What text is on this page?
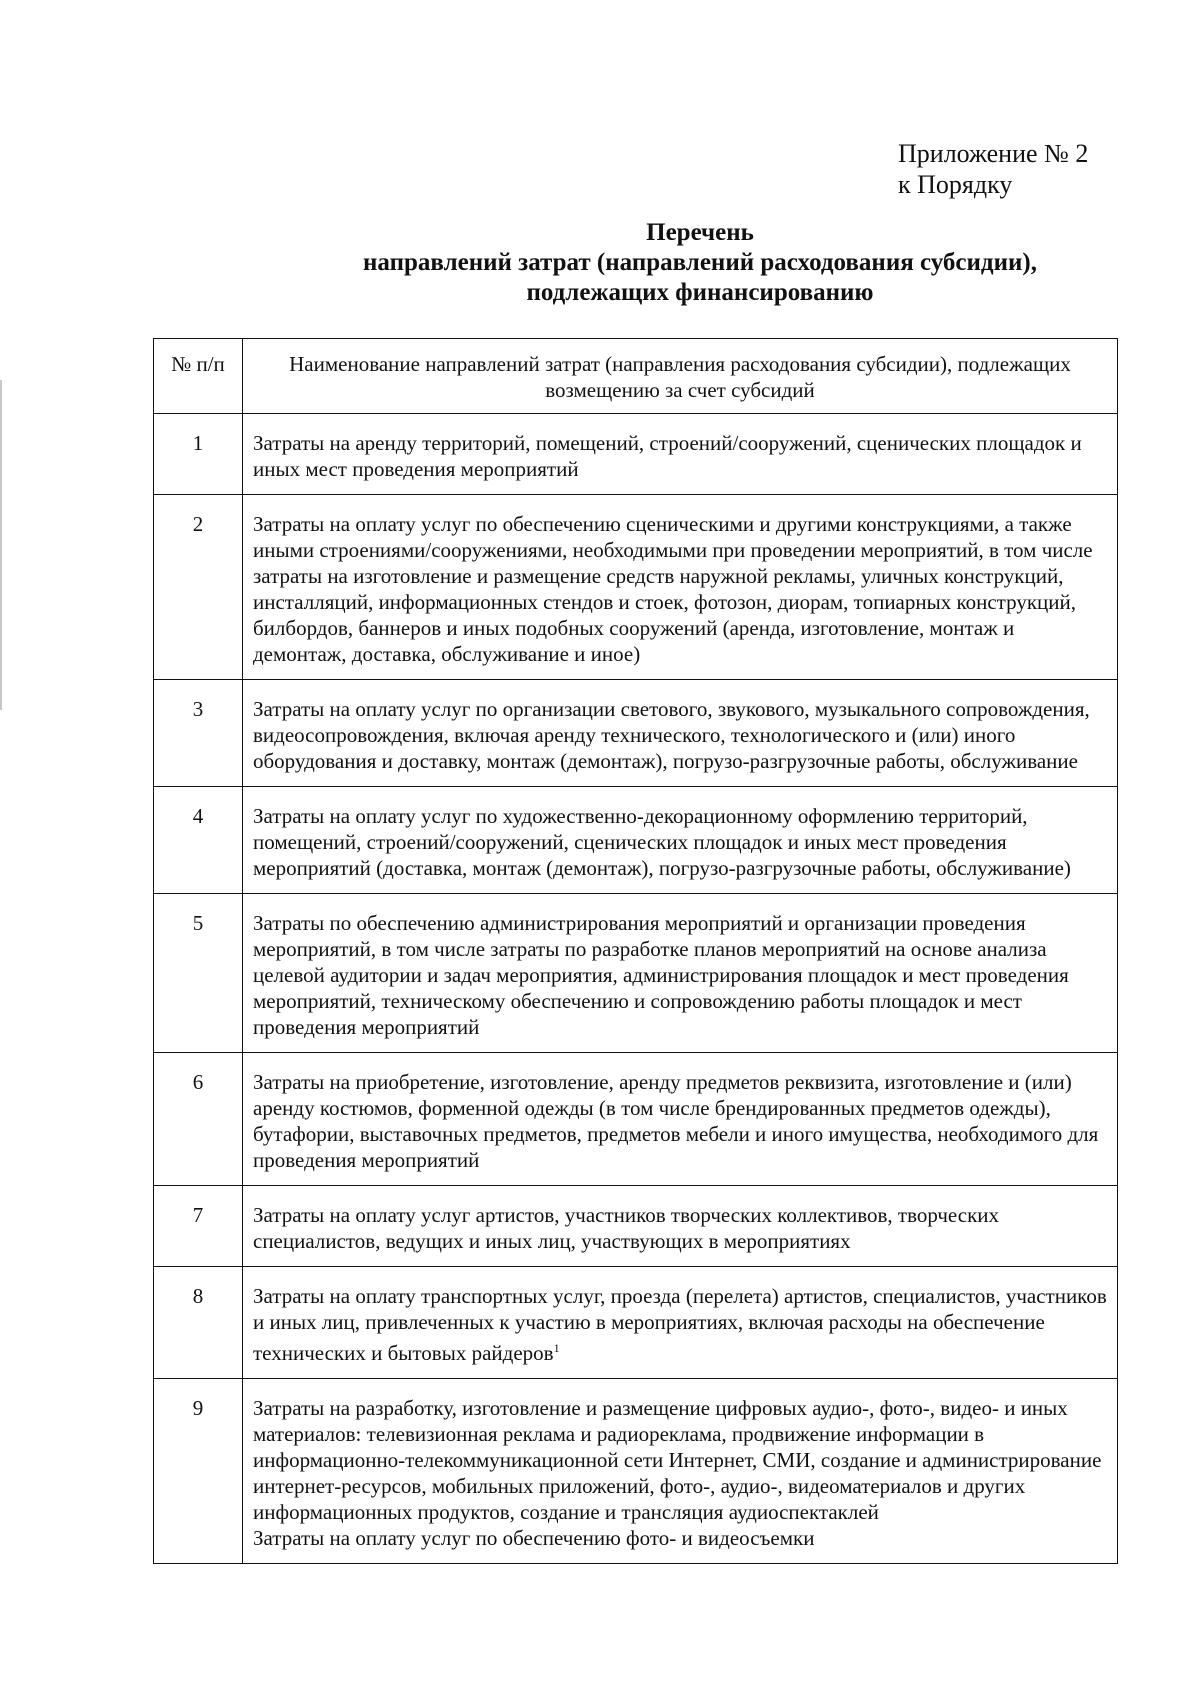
Приложение № 2
к Порядку
Перечень
направлений затрат (направлений расходования субсидии),
подлежащих финансированию
№ п/п	Наименование направлений затрат (направления расходования субсидии), подлежащих возмещению за счет субсидий
1	Затраты на аренду территорий, помещений, строений/сооружений, сценических площадок и иных мест проведения мероприятий
2	Затраты на оплату услуг по обеспечению сценическими и другими конструкциями, а также иными строениями/сооружениями, необходимыми при проведении мероприятий, в том числе затраты на изготовление и размещение средств наружной рекламы, уличных конструкций, инсталляций, информационных стендов и стоек, фотозон, диорам, топиарных конструкций, билбордов, баннеров и иных подобных сооружений (аренда, изготовление, монтаж и демонтаж, доставка, обслуживание и иное)
3	Затраты на оплату услуг по организации светового, звукового, музыкального сопровождения, видеосопровождения, включая аренду технического, технологического и (или) иного оборудования и доставку, монтаж (демонтаж), погрузо-разгрузочные работы, обслуживание
4	Затраты на оплату услуг по художественно-декорационному оформлению территорий, помещений, строений/сооружений, сценических площадок и иных мест проведения мероприятий (доставка, монтаж (демонтаж), погрузо-разгрузочные работы, обслуживание)
5	Затраты по обеспечению администрирования мероприятий и организации проведения мероприятий, в том числе затраты по разработке планов мероприятий на основе анализа целевой аудитории и задач мероприятия, администрирования площадок и мест проведения мероприятий, техническому обеспечению и сопровождению работы площадок и мест проведения мероприятий
6	Затраты на приобретение, изготовление, аренду предметов реквизита, изготовление и (или) аренду костюмов, форменной одежды (в том числе брендированных предметов одежды), бутафории, выставочных предметов, предметов мебели и иного имущества, необходимого для проведения мероприятий
7	Затраты на оплату услуг артистов, участников творческих коллективов, творческих специалистов, ведущих и иных лиц, участвующих в мероприятиях
8	Затраты на оплату транспортных услуг, проезда (перелета) артистов, специалистов, участников и иных лиц, привлеченных к участию в мероприятиях, включая расходы на обеспечение технических и бытовых райдеров$^1$
9	Затраты на разработку, изготовление и размещение цифровых аудио-, фото-, видео- и иных материалов: телевизионная реклама и радиореклама, продвижение информации в информационно-телекоммуникационной сети Интернет, СМИ, создание и администрирование интернет-ресурсов, мобильных приложений, фото-, аудио-, видеоматериалов и других информационных продуктов, создание и трансляция аудиоспектаклей
Затраты на оплату услуг по обеспечению фото- и видеосъемки
